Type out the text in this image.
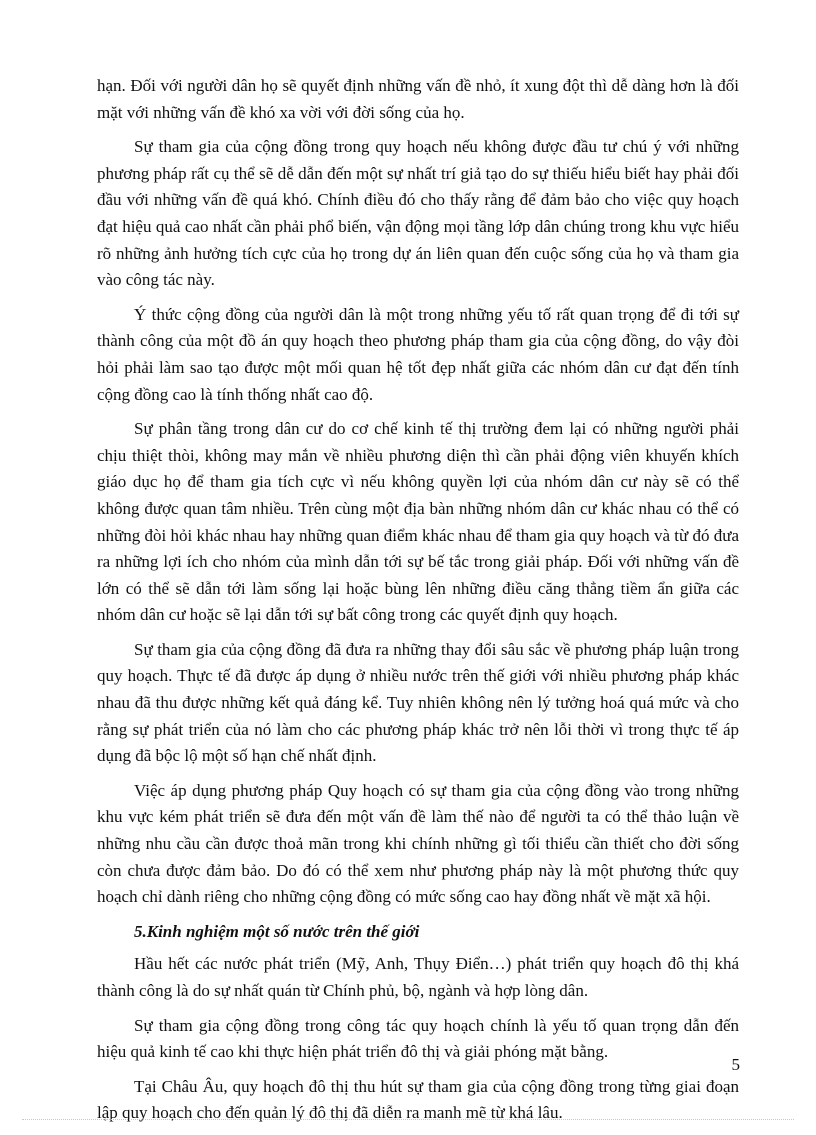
hạn. Đối với người dân họ sẽ quyết định những vấn đề nhỏ, ít xung đột thì dễ dàng hơn là đối mặt với những vấn đề khó xa vời với đời sống của họ.

Sự tham gia của cộng đồng trong quy hoạch nếu không được đầu tư chú ý với những phương pháp rất cụ thể sẽ dễ dẫn đến một sự nhất trí giả tạo do sự thiếu hiểu biết hay phải đối đầu với những vấn đề quá khó. Chính điều đó cho thấy rằng để đảm bảo cho việc quy hoạch đạt hiệu quả cao nhất cần phải phổ biến, vận động mọi tầng lớp dân chúng trong khu vực hiểu rõ những ảnh hưởng tích cực của họ trong dự án liên quan đến cuộc sống của họ và tham gia vào công tác này.

Ý thức cộng đồng của người dân là một trong những yếu tố rất quan trọng để đi tới sự thành công của một đồ án quy hoạch theo phương pháp tham gia của cộng đồng, do vậy đòi hỏi phải làm sao tạo được một mối quan hệ tốt đẹp nhất giữa các nhóm dân cư đạt đến tính cộng đồng cao là tính thống nhất cao độ.

Sự phân tầng trong dân cư do cơ chế kinh tế thị trường đem lại có những người phải chịu thiệt thòi, không may mắn về nhiều phương diện thì cần phải động viên khuyến khích giáo dục họ để tham gia tích cực vì nếu không quyền lợi của nhóm dân cư này sẽ có thể không được quan tâm nhiều. Trên cùng một địa bàn những nhóm dân cư khác nhau có thể có những đòi hỏi khác nhau hay những quan điểm khác nhau để tham gia quy hoạch và từ đó đưa ra những lợi ích cho nhóm của mình dẫn tới sự bế tắc trong giải pháp. Đối với những vấn đề lớn có thể sẽ dẫn tới làm sống lại hoặc bùng lên những điều căng thẳng tiềm ẩn giữa các nhóm dân cư hoặc sẽ lại dẫn tới sự bất công trong các quyết định quy hoạch.

Sự tham gia của cộng đồng đã đưa ra những thay đổi sâu sắc về phương pháp luận trong quy hoạch. Thực tế đã được áp dụng ở nhiều nước trên thế giới với nhiều phương pháp khác nhau đã thu được những kết quả đáng kể. Tuy nhiên không nên lý tưởng hoá quá mức và cho rằng sự phát triển của nó làm cho các phương pháp khác trở nên lỗi thời vì trong thực tế áp dụng đã bộc lộ một số hạn chế nhất định.

Việc áp dụng phương pháp Quy hoạch có sự tham gia của cộng đồng vào trong những khu vực kém phát triển sẽ đưa đến một vấn đề làm thế nào để người ta có thể thảo luận về những nhu cầu cần được thoả mãn trong khi chính những gì tối thiểu cần thiết cho đời sống còn chưa được đảm bảo. Do đó có thể xem như phương pháp này là một phương thức quy hoạch chỉ dành riêng cho những cộng đồng có mức sống cao hay đồng nhất về mặt xã hội.

5.Kinh nghiệm một số nước trên thế giới

Hầu hết các nước phát triển (Mỹ, Anh, Thụy Điển…) phát triển quy hoạch đô thị khá thành công là do sự nhất quán từ Chính phủ, bộ, ngành và hợp lòng dân.

Sự tham gia cộng đồng trong công tác quy hoạch chính là yếu tố quan trọng dẫn đến hiệu quả kinh tế cao khi thực hiện phát triển đô thị và giải phóng mặt bằng.

Tại Châu Âu, quy hoạch đô thị thu hút sự tham gia của cộng đồng trong từng giai đoạn lập quy hoạch cho đến quản lý đô thị đã diễn ra manh mẽ từ khá lâu.

5
